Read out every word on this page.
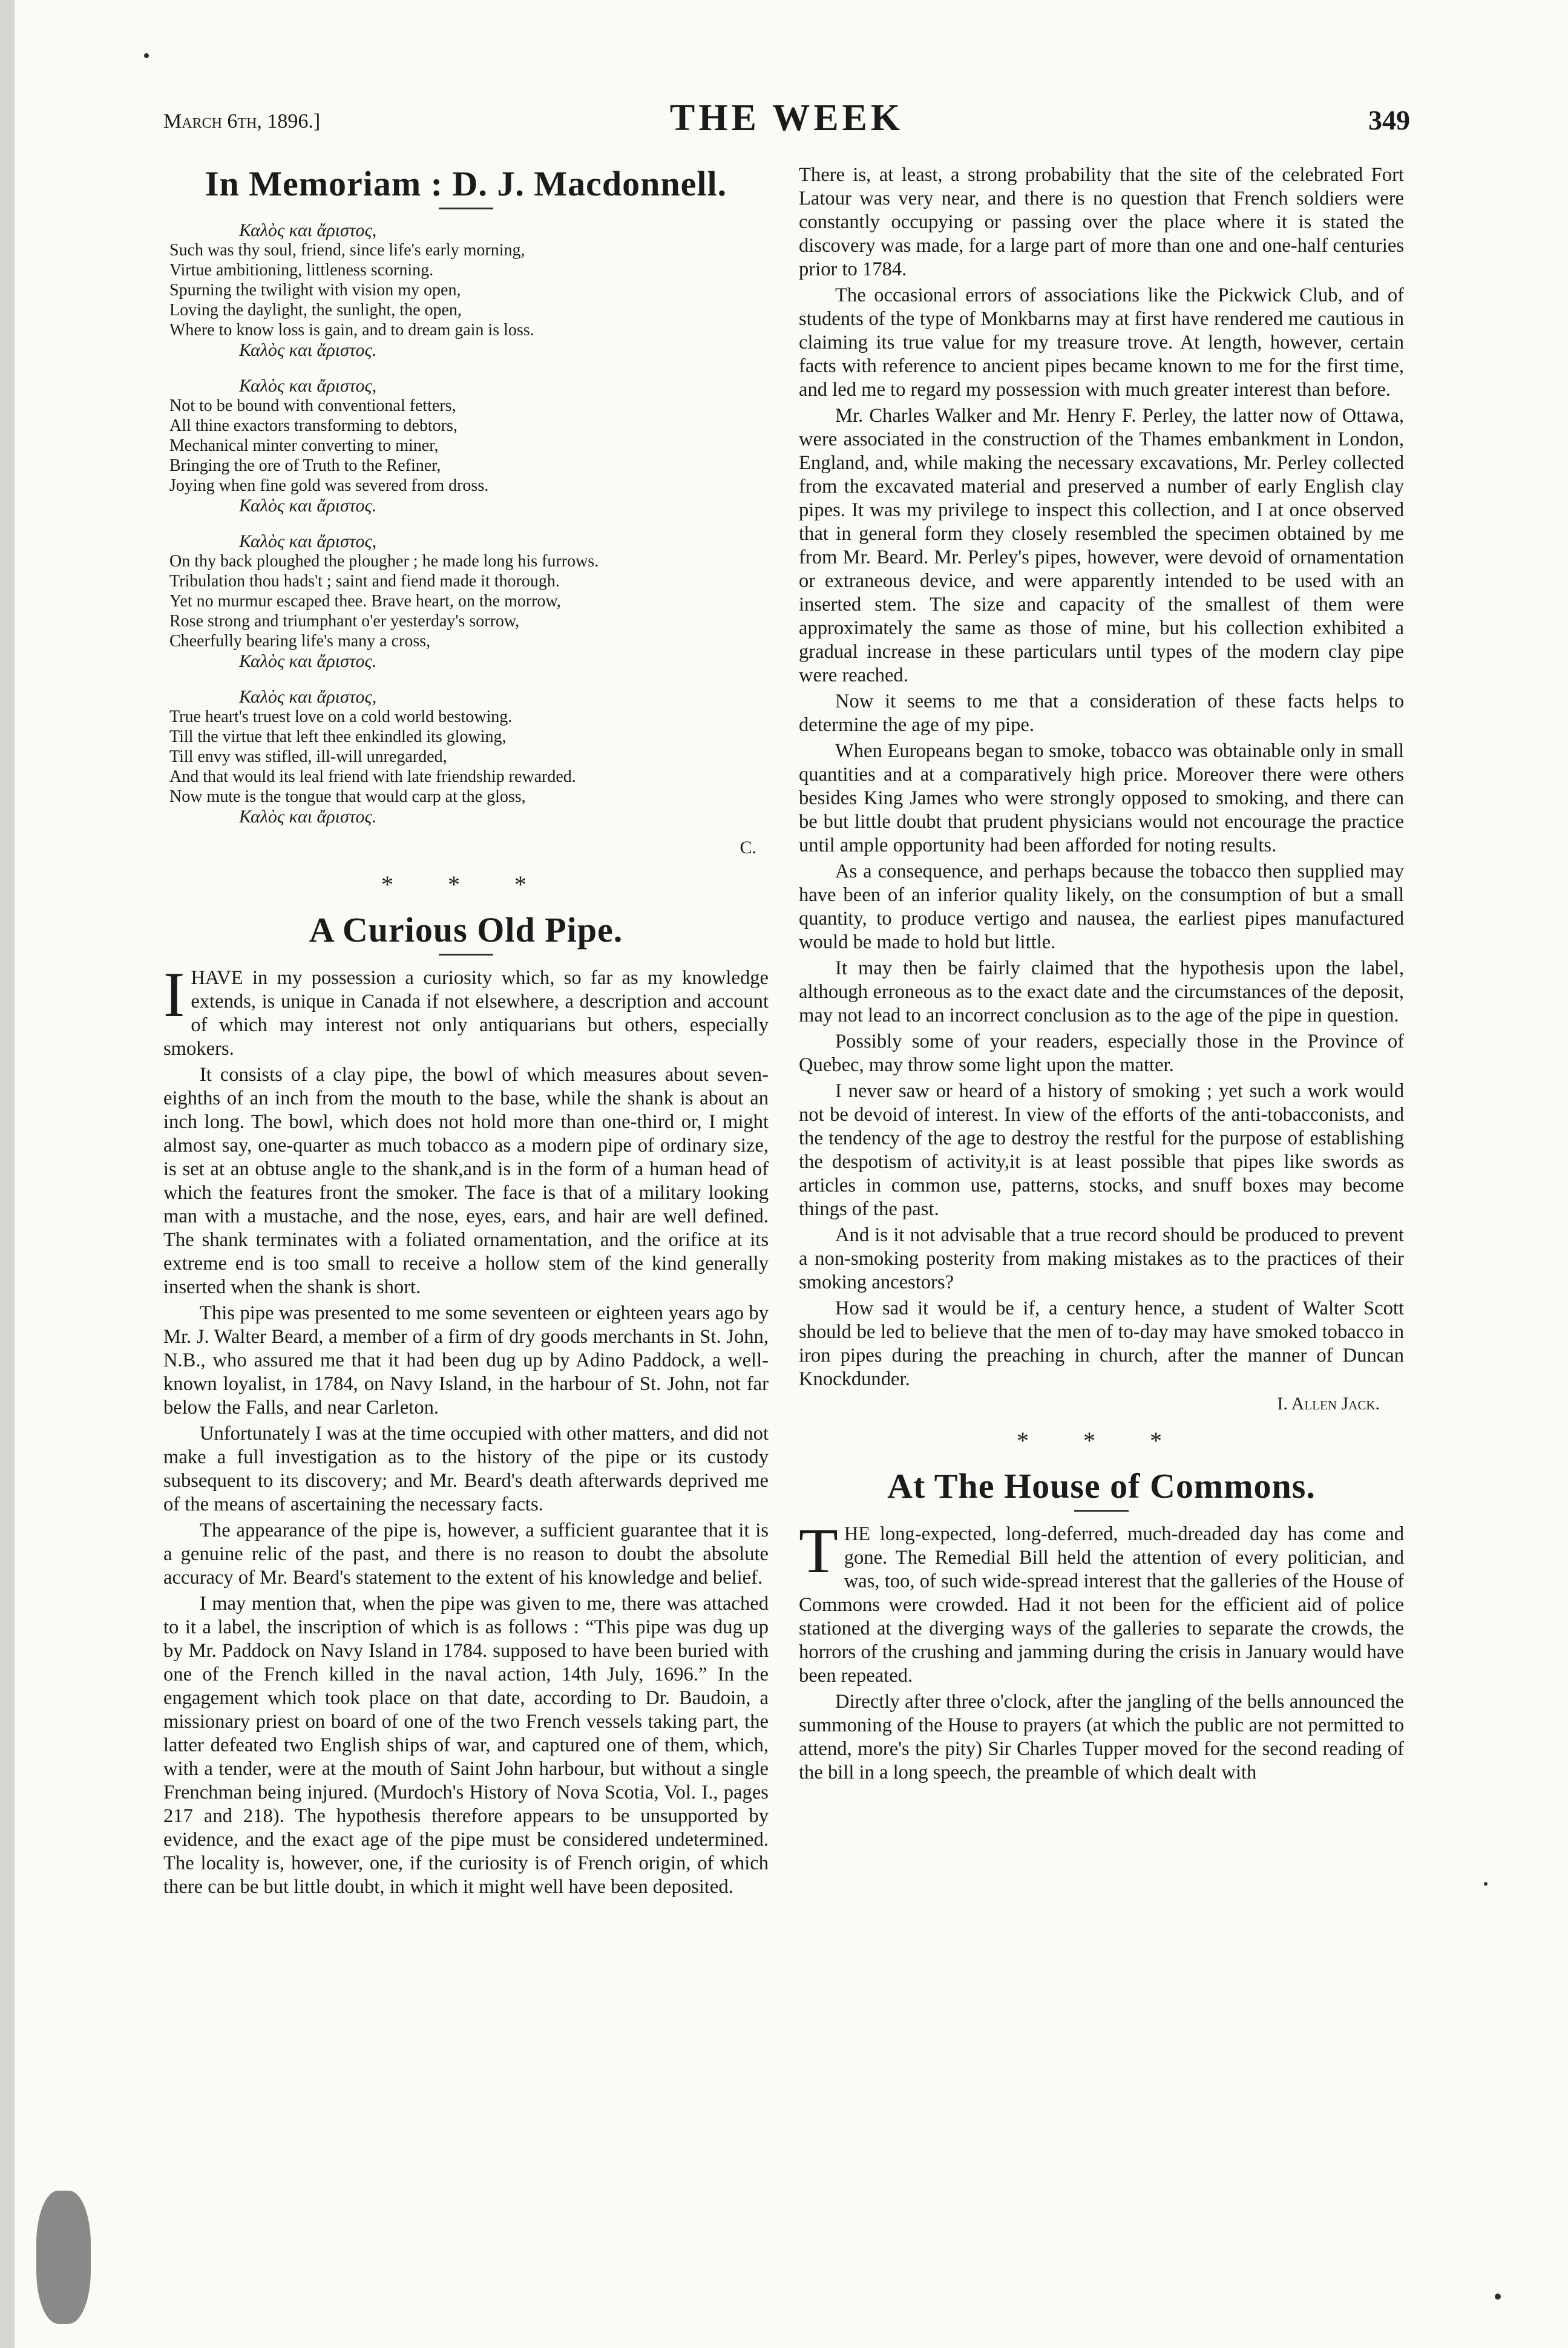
March 6th, 1896.]	THE WEEK	349
In Memoriam : D. J. Macdonnell.
Καλὸς και ἄριστος,
Such was thy soul, friend, since life's early morning,
Virtue ambitioning, littleness scorning.
Spurning the twilight with vision my open,
Loving the daylight, the sunlight, the open,
Where to know loss is gain, and to dream gain is loss.
Καλὸς και ἄριστος.
Καλὸς και ἄριστος,
Not to be bound with conventional fetters,
All thine exactors transforming to debtors,
Mechanical minter converting to miner,
Bringing the ore of Truth to the Refiner,
Joying when fine gold was severed from dross.
Καλὸς και ἄριστος.
Καλὸς και ἄριστος,
On thy back ploughed the plougher ; he made long his furrows.
Tribulation thou hads't ; saint and fiend made it thorough.
Yet no murmur escaped thee. Brave heart, on the morrow,
Rose strong and triumphant o'er yesterday's sorrow,
Cheerfully bearing life's many a cross,
Καλὸς και ἄριστος.
Καλὸς και ἄριστος,
True heart's truest love on a cold world bestowing.
Till the virtue that left thee enkindled its glowing,
Till envy was stifled, ill-will unregarded,
And that would its leal friend with late friendship rewarded.
Now mute is the tongue that would carp at the gloss,
Καλὸς και ἄριστος.
C.
* * *
A Curious Old Pipe.

I HAVE in my possession a curiosity which, so far as my knowledge extends, is unique in Canada if not elsewhere, a description and account of which may interest not only antiquarians but others, especially smokers.

It consists of a clay pipe, the bowl of which measures about seven-eighths of an inch from the mouth to the base, while the shank is about an inch long. The bowl, which does not hold more than one-third or, I might almost say, one-quarter as much tobacco as a modern pipe of ordinary size, is set at an obtuse angle to the shank,and is in the form of a human head of which the features front the smoker. The face is that of a military looking man with a mustache, and the nose, eyes, ears, and hair are well defined. The shank terminates with a foliated ornamentation, and the orifice at its extreme end is too small to receive a hollow stem of the kind generally inserted when the shank is short.

This pipe was presented to me some seventeen or eighteen years ago by Mr. J. Walter Beard, a member of a firm of dry goods merchants in St. John, N.B., who assured me that it had been dug up by Adino Paddock, a well-known loyalist, in 1784, on Navy Island, in the harbour of St. John, not far below the Falls, and near Carleton.

Unfortunately I was at the time occupied with other matters, and did not make a full investigation as to the history of the pipe or its custody subsequent to its discovery; and Mr. Beard's death afterwards deprived me of the means of ascertaining the necessary facts.

The appearance of the pipe is, however, a sufficient guarantee that it is a genuine relic of the past, and there is no reason to doubt the absolute accuracy of Mr. Beard's statement to the extent of his knowledge and belief.

I may mention that, when the pipe was given to me, there was attached to it a label, the inscription of which is as follows : “This pipe was dug up by Mr. Paddock on Navy Island in 1784. supposed to have been buried with one of the French killed in the naval action, 14th July, 1696.” In the engagement which took place on that date, according to Dr. Baudoin, a missionary priest on board of one of the two French vessels taking part, the latter defeated two English ships of war, and captured one of them, which, with a tender, were at the mouth of Saint John harbour, but without a single Frenchman being injured. (Murdoch's History of Nova Scotia, Vol. I., pages 217 and 218). The hypothesis therefore appears to be unsupported by evidence, and the exact age of the pipe must be considered undetermined. The locality is, however, one, if the curiosity is of French origin, of which there can be but little doubt, in which it might well have been deposited.

There is, at least, a strong probability that the site of the celebrated Fort Latour was very near, and there is no question that French soldiers were constantly occupying or passing over the place where it is stated the discovery was made, for a large part of more than one and one-half centuries prior to 1784.

The occasional errors of associations like the Pickwick Club, and of students of the type of Monkbarns may at first have rendered me cautious in claiming its true value for my treasure trove. At length, however, certain facts with reference to ancient pipes became known to me for the first time, and led me to regard my possession with much greater interest than before.

Mr. Charles Walker and Mr. Henry F. Perley, the latter now of Ottawa, were associated in the construction of the Thames embankment in London, England, and, while making the necessary excavations, Mr. Perley collected from the excavated material and preserved a number of early English clay pipes. It was my privilege to inspect this collection, and I at once observed that in general form they closely resembled the specimen obtained by me from Mr. Beard. Mr. Perley's pipes, however, were devoid of ornamentation or extraneous device, and were apparently intended to be used with an inserted stem. The size and capacity of the smallest of them were approximately the same as those of mine, but his collection exhibited a gradual increase in these particulars until types of the modern clay pipe were reached.

Now it seems to me that a consideration of these facts helps to determine the age of my pipe.

When Europeans began to smoke, tobacco was obtainable only in small quantities and at a comparatively high price. Moreover there were others besides King James who were strongly opposed to smoking, and there can be but little doubt that prudent physicians would not encourage the practice until ample opportunity had been afforded for noting results.

As a consequence, and perhaps because the tobacco then supplied may have been of an inferior quality likely, on the consumption of but a small quantity, to produce vertigo and nausea, the earliest pipes manufactured would be made to hold but little.

It may then be fairly claimed that the hypothesis upon the label, although erroneous as to the exact date and the circumstances of the deposit, may not lead to an incorrect conclusion as to the age of the pipe in question.

Possibly some of your readers, especially those in the Province of Quebec, may throw some light upon the matter.

I never saw or heard of a history of smoking ; yet such a work would not be devoid of interest. In view of the efforts of the anti-tobacconists, and the tendency of the age to destroy the restful for the purpose of establishing the despotism of activity,it is at least possible that pipes like swords as articles in common use, patterns, stocks, and snuff boxes may become things of the past.

And is it not advisable that a true record should be produced to prevent a non-smoking posterity from making mistakes as to the practices of their smoking ancestors?

How sad it would be if, a century hence, a student of Walter Scott should be led to believe that the men of to-day may have smoked tobacco in iron pipes during the preaching in church, after the manner of Duncan Knockdunder.

I. Allen Jack.
* * *
At The House of Commons.

T HE long-expected, long-deferred, much-dreaded day has come and gone. The Remedial Bill held the attention of every politician, and was, too, of such wide-spread interest that the galleries of the House of Commons were crowded. Had it not been for the efficient aid of police stationed at the diverging ways of the galleries to separate the crowds, the horrors of the crushing and jamming during the crisis in January would have been repeated.

Directly after three o'clock, after the jangling of the bells announced the summoning of the House to prayers (at which the public are not permitted to attend, more's the pity) Sir Charles Tupper moved for the second reading of the bill in a long speech, the preamble of which dealt with
